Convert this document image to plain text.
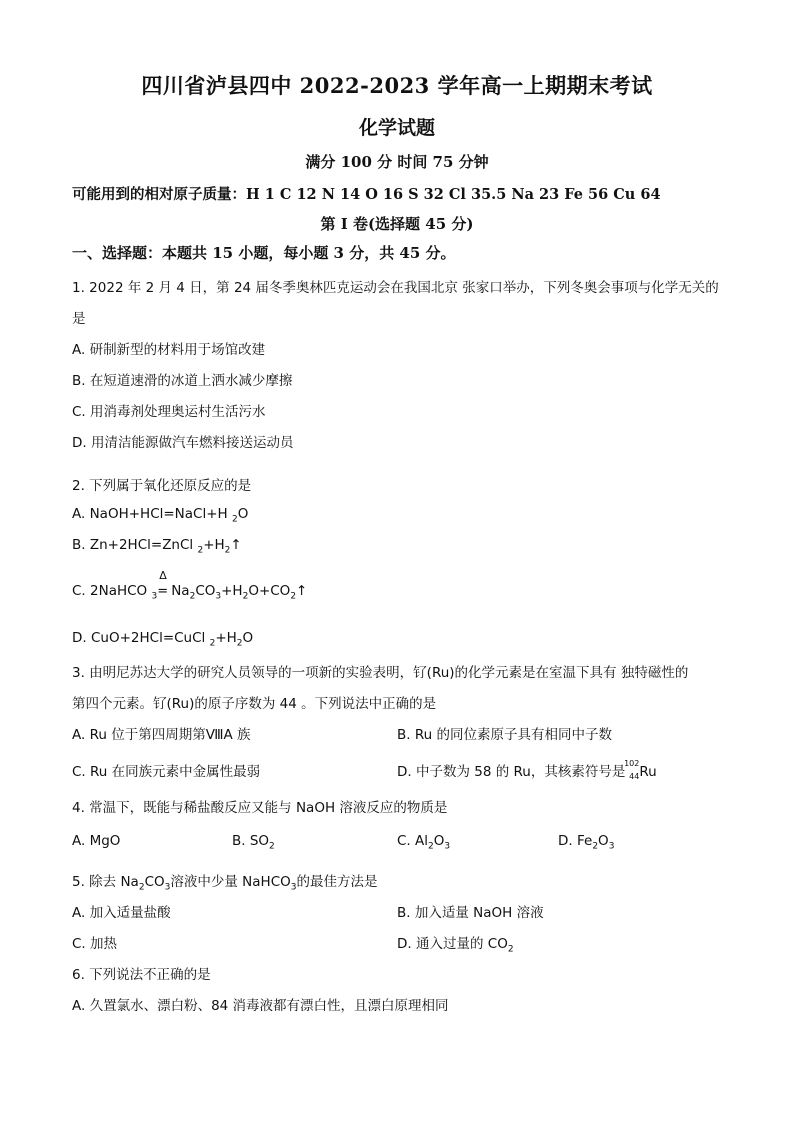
四川省泸县四中 2022-2023 学年高一上期期末考试
化学试题
满分 100 分 时间 75 分钟
可能用到的相对原子质量：H 1 C 12 N 14 O 16 S 32 Cl 35.5 Na 23 Fe 56 Cu 64
第 I 卷(选择题 45 分)
一、选择题：本题共 15 小题，每小题 3 分，共 45 分。
1. 2022 年 2 月 4 日，第 24 届冬季奥林匹克运动会在我国北京 张家口举办，下列冬奥会事项与化学无关的
是
A. 研制新型的材料用于场馆改建
B. 在短道速滑的冰道上洒水减少摩擦
C. 用消毒剂处理奥运村生活污水
D. 用清洁能源做汽车燃料接送运动员
2. 下列属于氧化还原反应的是
A. NaOH+HCl=NaCl+H $_2$O
B. Zn+2HCl=ZnCl $_2+H_2↑$
C. 2NaHCO $_3$
Δ
= $Na_2CO_3+H_2O+CO_2↑$
D. CuO+2HCl=CuCl $_2+H_2O$
3. 由明尼苏达大学的研究人员领导的一项新的实验表明，钌(Ru)的化学元素是在室温下具有 独特磁性的
第四个元素。钌(Ru)的原子序数为 44 。下列说法中正确的是
A. Ru 位于第四周期第ⅧA 族	B. Ru 的同位素原子具有相同中子数
C. Ru 在同族元素中金属性最弱	D. 中子数为 58 的 Ru，其核素符号是
102
44 Ru
4. 常温下，既能与稀盐酸反应又能与 NaOH 溶液反应的物质是
A. MgO	B. $SO_2$	C. $Al_2O_3$	D. $Fe_2O_3$
5. 除去 $Na_2CO_3$溶液中少量 NaHCO$_3$的最佳方法是
A. 加入适量盐酸	B. 加入适量 NaOH 溶液
C. 加热	D. 通入过量的 $CO_2$
6. 下列说法不正确的是
A. 久置氯水、漂白粉、84 消毒液都有漂白性，且漂白原理相同
